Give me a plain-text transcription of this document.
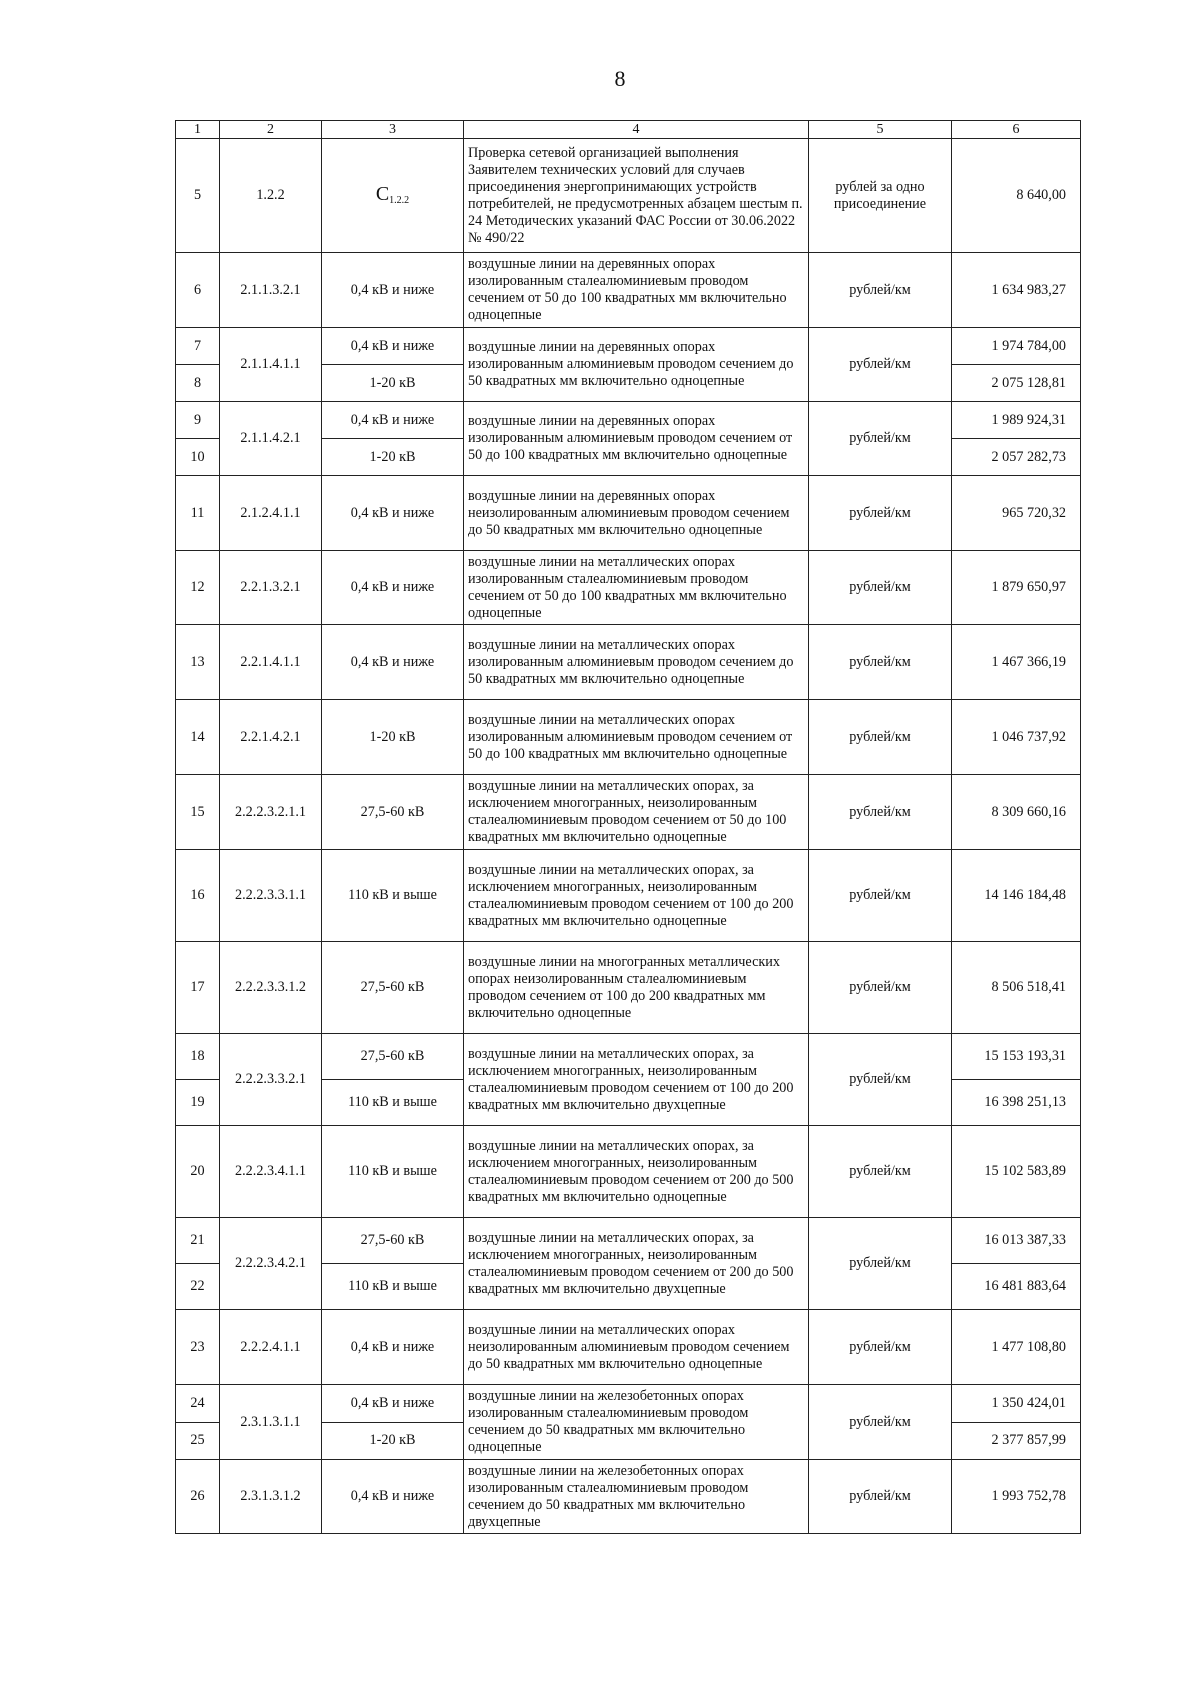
8
1	2	3	4	5	6
5	1.2.2	$C_{1.2.2}$	Проверка сетевой организацией выполнения Заявителем технических условий для случаев присоединения энергопринимающих устройств потребителей, не предусмотренных абзацем шестым п. 24 Методических указаний ФАС России от 30.06.2022 № 490/22	рублей за одно присоединение	8 640,00
6	2.1.1.3.2.1	0,4 кВ и ниже	воздушные линии на деревянных опорах изолированным сталеалюминиевым проводом сечением от 50 до 100 квадратных мм включительно одноцепные	рублей/км	1 634 983,27
7	2.1.1.4.1.1	0,4 кВ и ниже	воздушные линии на деревянных опорах изолированным алюминиевым проводом сечением до 50 квадратных мм включительно одноцепные	рублей/км	1 974 784,00
8		1-20 кВ			2 075 128,81
9	2.1.1.4.2.1	0,4 кВ и ниже	воздушные линии на деревянных опорах изолированным алюминиевым проводом сечением от 50 до 100 квадратных мм включительно одноцепные	рублей/км	1 989 924,31
10		1-20 кВ			2 057 282,73
11	2.1.2.4.1.1	0,4 кВ и ниже	воздушные линии на деревянных опорах неизолированным алюминиевым проводом сечением до 50 квадратных мм включительно одноцепные	рублей/км	965 720,32
12	2.2.1.3.2.1	0,4 кВ и ниже	воздушные линии на металлических опорах изолированным сталеалюминиевым проводом сечением от 50 до 100 квадратных мм включительно одноцепные	рублей/км	1 879 650,97
13	2.2.1.4.1.1	0,4 кВ и ниже	воздушные линии на металлических опорах изолированным алюминиевым проводом сечением до 50 квадратных мм включительно одноцепные	рублей/км	1 467 366,19
14	2.2.1.4.2.1	1-20 кВ	воздушные линии на металлических опорах изолированным алюминиевым проводом сечением от 50 до 100 квадратных мм включительно одноцепные	рублей/км	1 046 737,92
15	2.2.2.3.2.1.1	27,5-60 кВ	воздушные линии на металлических опорах, за исключением многогранных, неизолированным сталеалюминиевым проводом сечением от 50 до 100 квадратных мм включительно одноцепные	рублей/км	8 309 660,16
16	2.2.2.3.3.1.1	110 кВ и выше	воздушные линии на металлических опорах, за исключением многогранных, неизолированным сталеалюминиевым проводом сечением от 100 до 200 квадратных мм включительно одноцепные	рублей/км	14 146 184,48
17	2.2.2.3.3.1.2	27,5-60 кВ	воздушные линии на многогранных металлических опорах неизолированным сталеалюминиевым проводом сечением от 100 до 200 квадратных мм включительно одноцепные	рублей/км	8 506 518,41
18	2.2.2.3.3.2.1	27,5-60 кВ	воздушные линии на металлических опорах, за исключением многогранных, неизолированным сталеалюминиевым проводом сечением от 100 до 200 квадратных мм включительно двухцепные	рублей/км	15 153 193,31
19		110 кВ и выше			16 398 251,13
20	2.2.2.3.4.1.1	110 кВ и выше	воздушные линии на металлических опорах, за исключением многогранных, неизолированным сталеалюминиевым проводом сечением от 200 до 500 квадратных мм включительно одноцепные	рублей/км	15 102 583,89
21	2.2.2.3.4.2.1	27,5-60 кВ	воздушные линии на металлических опорах, за исключением многогранных, неизолированным сталеалюминиевым проводом сечением от 200 до 500 квадратных мм включительно двухцепные	рублей/км	16 013 387,33
22		110 кВ и выше			16 481 883,64
23	2.2.2.4.1.1	0,4 кВ и ниже	воздушные линии на металлических опорах неизолированным алюминиевым проводом сечением до 50 квадратных мм включительно одноцепные	рублей/км	1 477 108,80
24	2.3.1.3.1.1	0,4 кВ и ниже	воздушные линии на железобетонных опорах изолированным сталеалюминиевым проводом сечением до 50 квадратных мм включительно одноцепные	рублей/км	1 350 424,01
25		1-20 кВ			2 377 857,99
26	2.3.1.3.1.2	0,4 кВ и ниже	воздушные линии на железобетонных опорах изолированным сталеалюминиевым проводом сечением до 50 квадратных мм включительно двухцепные	рублей/км	1 993 752,78
